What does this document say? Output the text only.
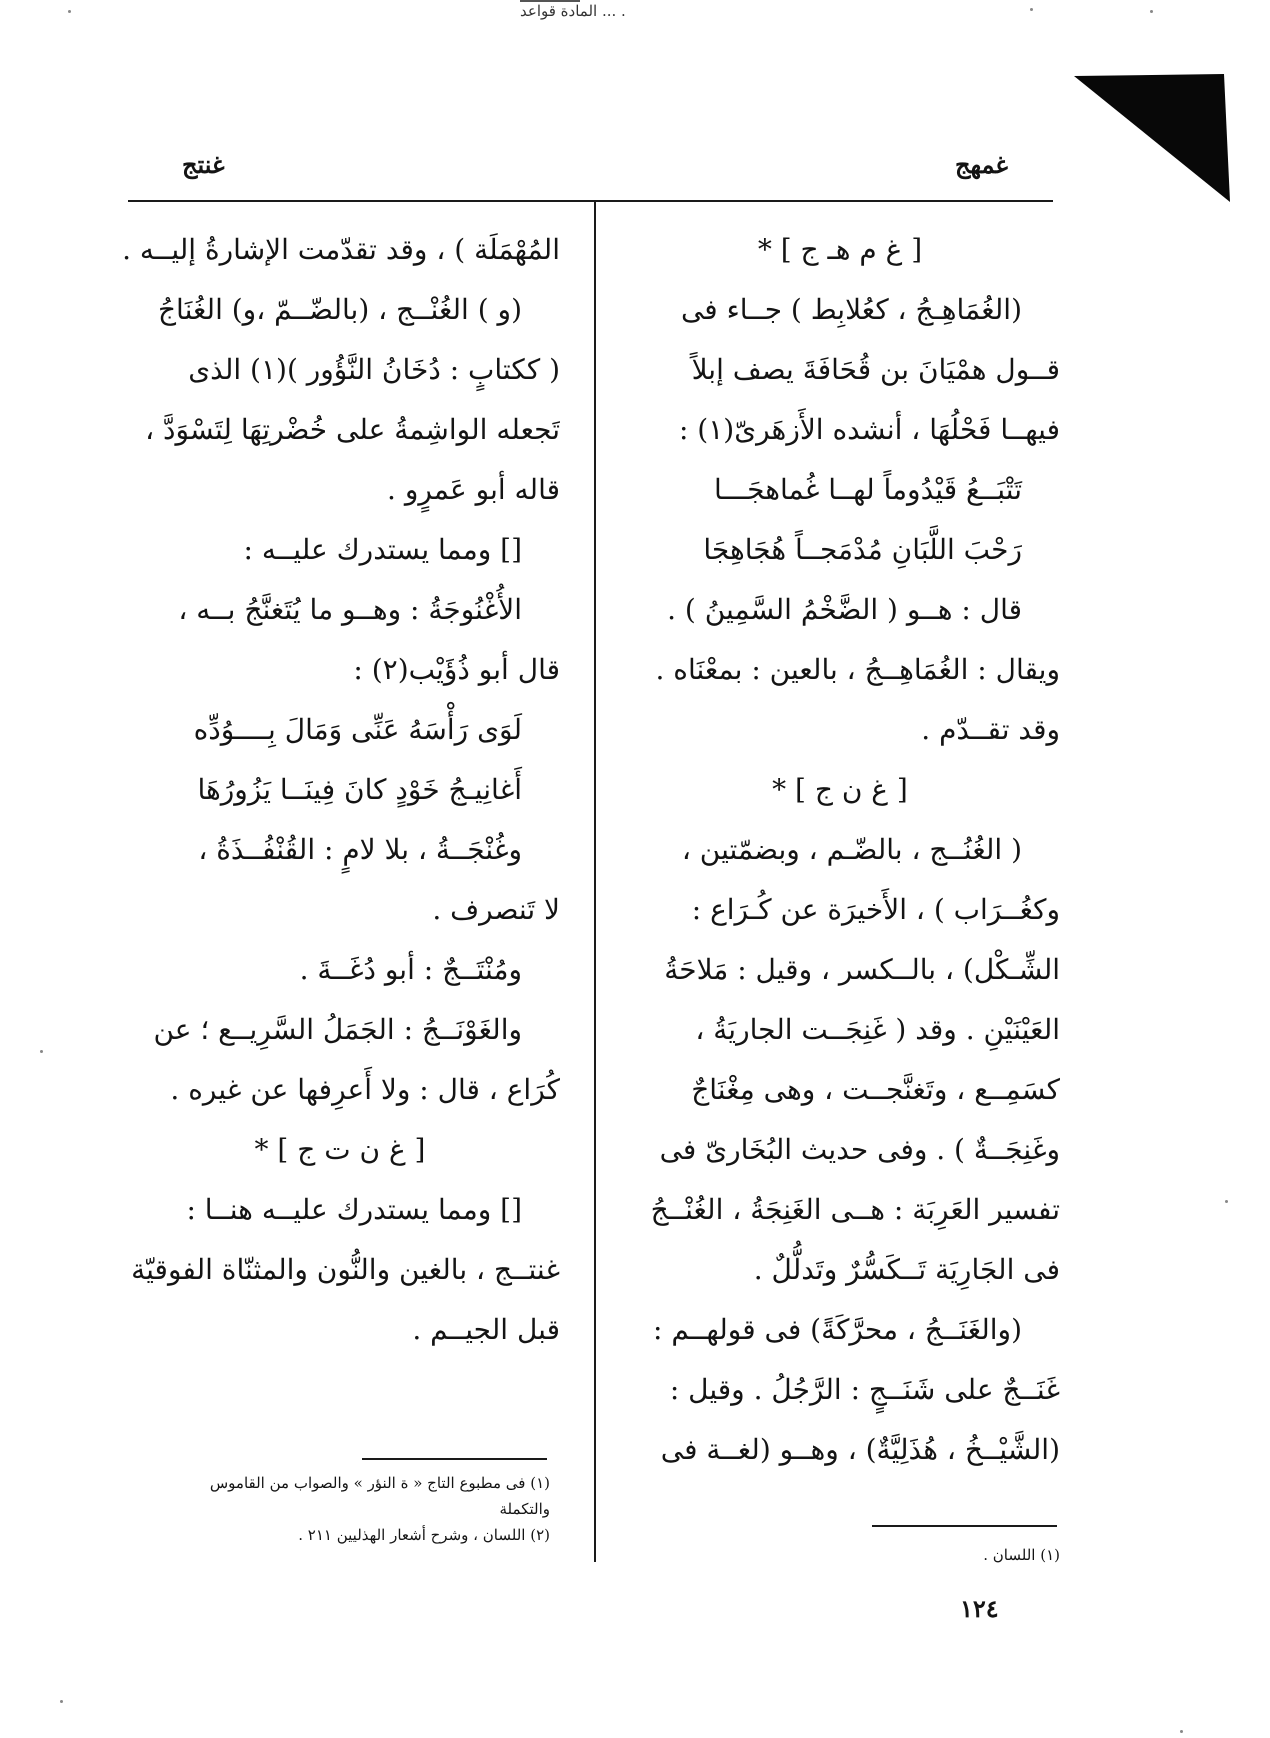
المادة قواعد ... .
غمهج
غنتج
[ غ م هـ ج ] *
(الغُمَاهِـجُ ، كعُلابِط ) جــاء فى
قــول همْيَانَ بن قُحَافَةَ يصف إبلاً
فيهــا فَحْلُهَا ، أنشده الأَزهَرىّ(١) :
تَتْبَــعُ قَيْدُوماً لهــا غُماهجَـــا
رَحْبَ اللَّبَانِ مُدْمَجــاً هُجَاهِجَا
قال : هــو ( الضَّخْمُ السَّمِينُ ) .
ويقال : الغُمَاهِــجُ ، بالعين : بمعْنَاه .
وقد تقــدّم .
[ غ ن ج ] *
( الغُنُــج ، بالضّـم ، وبضمّتين ،
وكغُــرَاب ) ، الأَخيرَة عن كُـرَاع :
الشِّـكْل) ، بالــكسر ، وقيل : مَلاحَةُ
العَيْنَيْنِ . وقد ( غَنِجَــت الجاريَةُ ،
كسَمِــع ، وتَغنَّجــت ، وهى مِغْنَاجٌ
وغَنِجَــةٌ ) . وفى حديث البُخَارىّ فى
تفسير العَرِبَة : هــى الغَنِجَةُ ، الغُنْــجُ
فى الجَارِيَة تَــكَسُّرٌ وتَدلُّلٌ .
(والغَنَــجُ ، محرَّكَةً) فى قولهــم :
غَنَــجٌ على شَنَــجٍ : الرَّجُلُ . وقيل :
(الشَّيْــخُ ، هُذَلِيَّةٌ) ، وهــو (لغــة فى
المُهْمَلَة ) ، وقد تقدّمت الإشارةُ إليــه .
(و ) الغُنْــج ، (بالضّــمّ ،و) الغُنَاجُ
( ككتابٍ : دُخَانُ النَّؤُور )(١) الذى
تَجعله الواشِمةُ على خُضْرتِهَا لِتَسْوَدَّ ،
قاله أبو عَمرٍو .
[] ومما يستدرك عليــه :
الأُغْنُوجَةُ : وهــو ما يُتَغنَّجُ بــه ،
قال أبو ذُؤَيْب(٢) :
لَوَى رَأْسَهُ عَنِّى وَمَالَ بِــــوُدِّه
أَغانِيـجُ خَوْدٍ كانَ فِينَــا يَزُورُهَا
وغُنْجَــةُ ، بلا لامٍ : القُنْفُــذَةُ ،
لا تَنصرف .
ومُنْتَــجٌ : أبو دُغَــةَ .
والغَوْنَــجُ : الجَمَلُ السَّرِيــع ؛ عن
كُرَاع ، قال : ولا أَعرِفها عن غيره .
[ غ ن ت ج ] *
[] ومما يستدرك عليــه هنــا :
غنتــج ، بالغين والنُّون والمثنّاة الفوقيّة
قبل الجيــم .
(١) فى مطبوع التاج « ة النؤر » والصواب من القاموس
والتكملة
(٢) اللسان ، وشرح أشعار الهذليين ٢١١ .
(١) اللسان .
١٢٤
